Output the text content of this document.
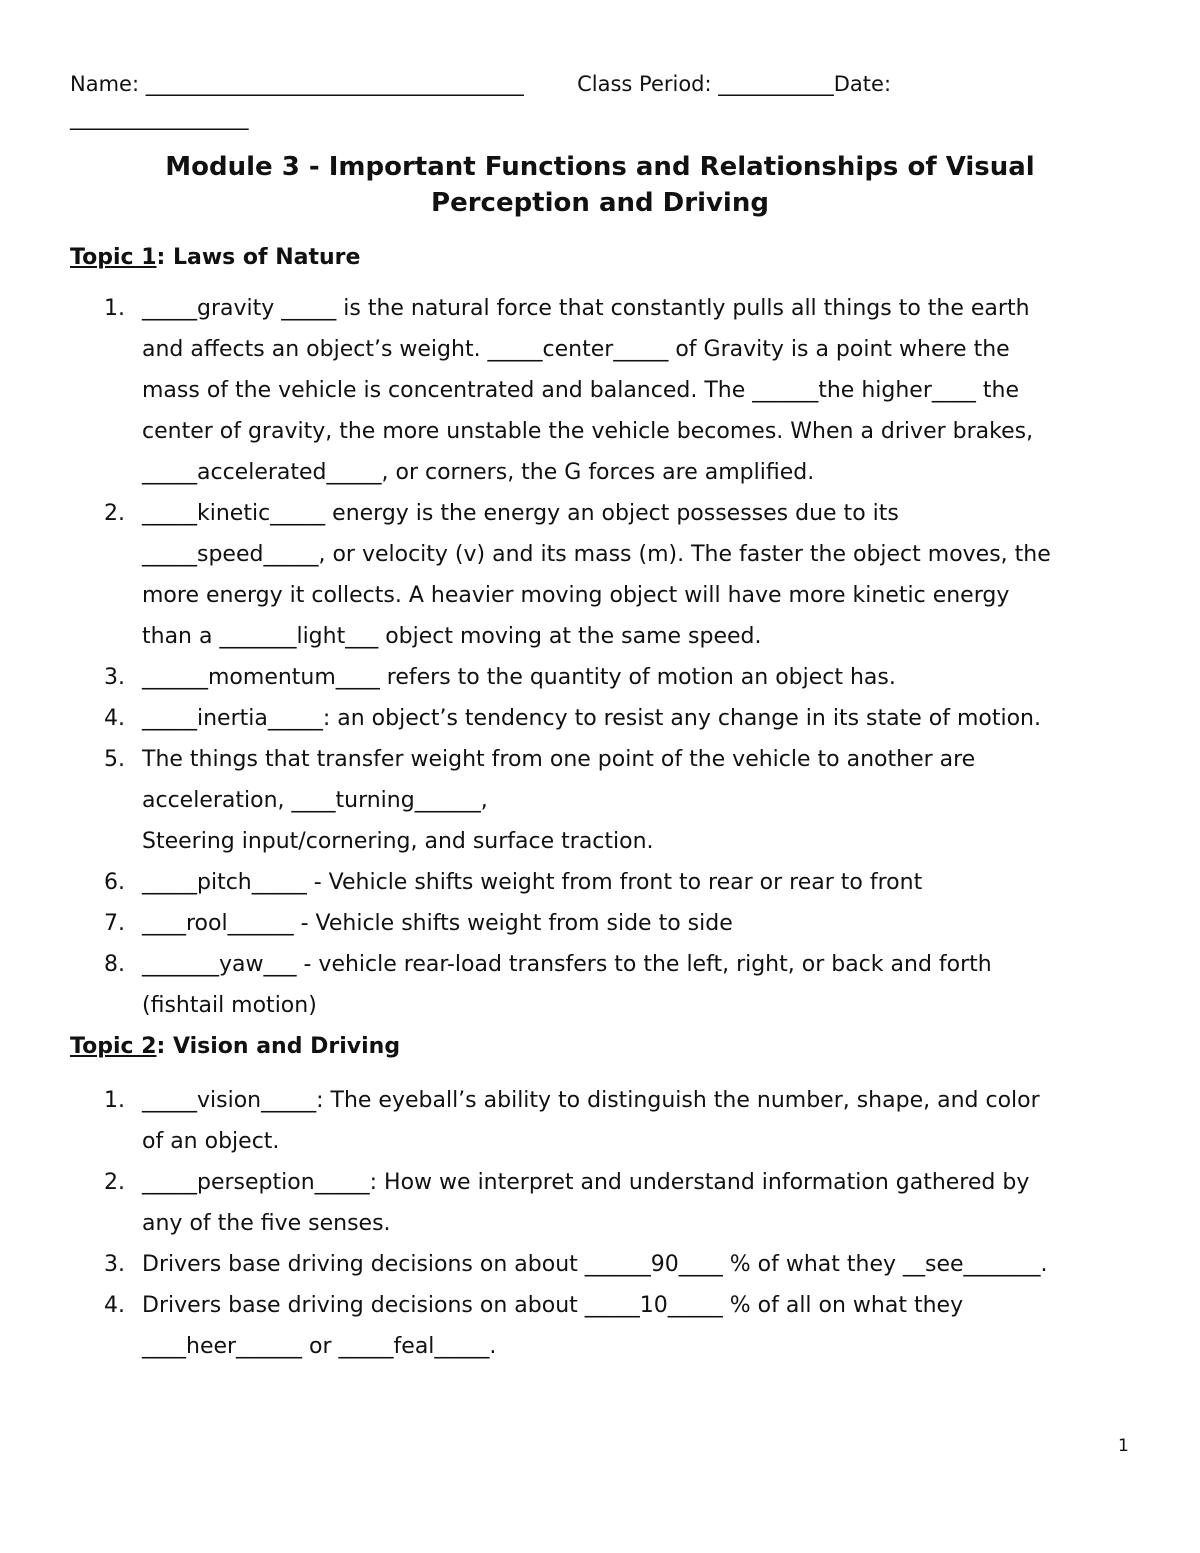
Name: ____________________________________        Class Period: ___________Date:
_________________
Module 3 - Important Functions and Relationships of Visual
Perception and Driving
Topic 1: Laws of Nature
1. _____gravity _____ is the natural force that constantly pulls all things to the earth
and affects an object’s weight. _____center_____ of Gravity is a point where the
mass of the vehicle is concentrated and balanced. The ______the higher____ the
center of gravity, the more unstable the vehicle becomes. When a driver brakes,
_____accelerated_____, or corners, the G forces are amplified.
2. _____kinetic_____ energy is the energy an object possesses due to its
_____speed_____, or velocity (v) and its mass (m). The faster the object moves, the
more energy it collects. A heavier moving object will have more kinetic energy
than a _______light___ object moving at the same speed.
3. ______momentum____ refers to the quantity of motion an object has.
4. _____inertia_____: an object’s tendency to resist any change in its state of motion.
5. The things that transfer weight from one point of the vehicle to another are
acceleration, ____turning______,
Steering input/cornering, and surface traction.
6. _____pitch_____ - Vehicle shifts weight from front to rear or rear to front
7. ____rool______ - Vehicle shifts weight from side to side
8. _______yaw___ - vehicle rear-load transfers to the left, right, or back and forth
(fishtail motion)
Topic 2: Vision and Driving
1. _____vision_____: The eyeball’s ability to distinguish the number, shape, and color
of an object.
2. _____perseption_____: How we interpret and understand information gathered by
any of the five senses.
3. Drivers base driving decisions on about ______90____ % of what they __see_______.
4. Drivers base driving decisions on about _____10_____ % of all on what they
____heer______ or _____feal_____.
1
